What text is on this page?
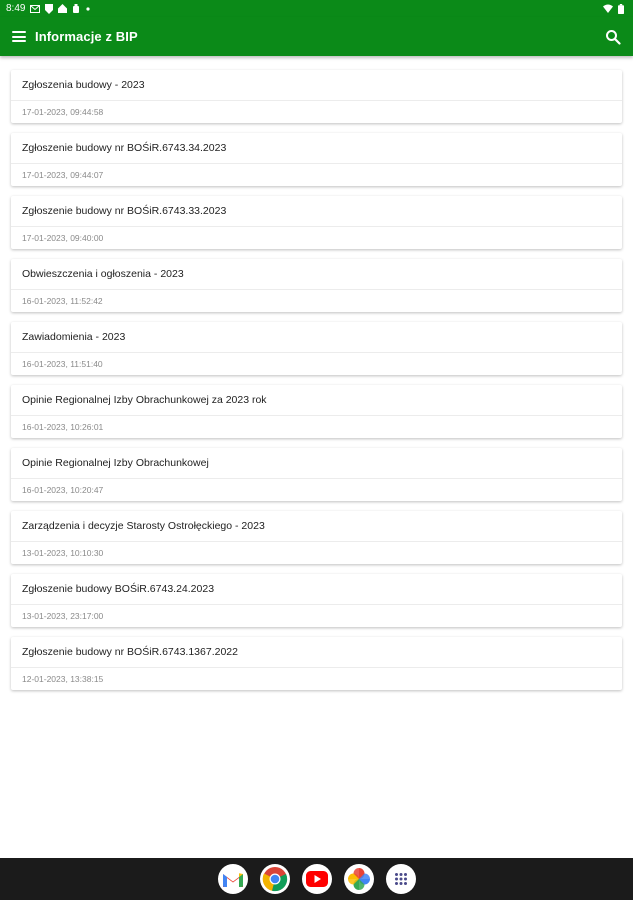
8:49
Informacje z BIP
Zgłoszenia budowy - 2023
17-01-2023, 09:44:58
Zgłoszenie budowy nr BOŚiR.6743.34.2023
17-01-2023, 09:44:07
Zgłoszenie budowy nr BOŚiR.6743.33.2023
17-01-2023, 09:40:00
Obwieszczenia i ogłoszenia - 2023
16-01-2023, 11:52:42
Zawiadomienia - 2023
16-01-2023, 11:51:40
Opinie Regionalnej Izby Obrachunkowej za 2023 rok
16-01-2023, 10:26:01
Opinie Regionalnej Izby Obrachunkowej
16-01-2023, 10:20:47
Zarządzenia i decyzje Starosty Ostrołęckiego - 2023
13-01-2023, 10:10:30
Zgłoszenie budowy BOŚiR.6743.24.2023
13-01-2023, 23:17:00
Zgłoszenie budowy nr BOŚiR.6743.1367.2022
12-01-2023, 13:38:15
